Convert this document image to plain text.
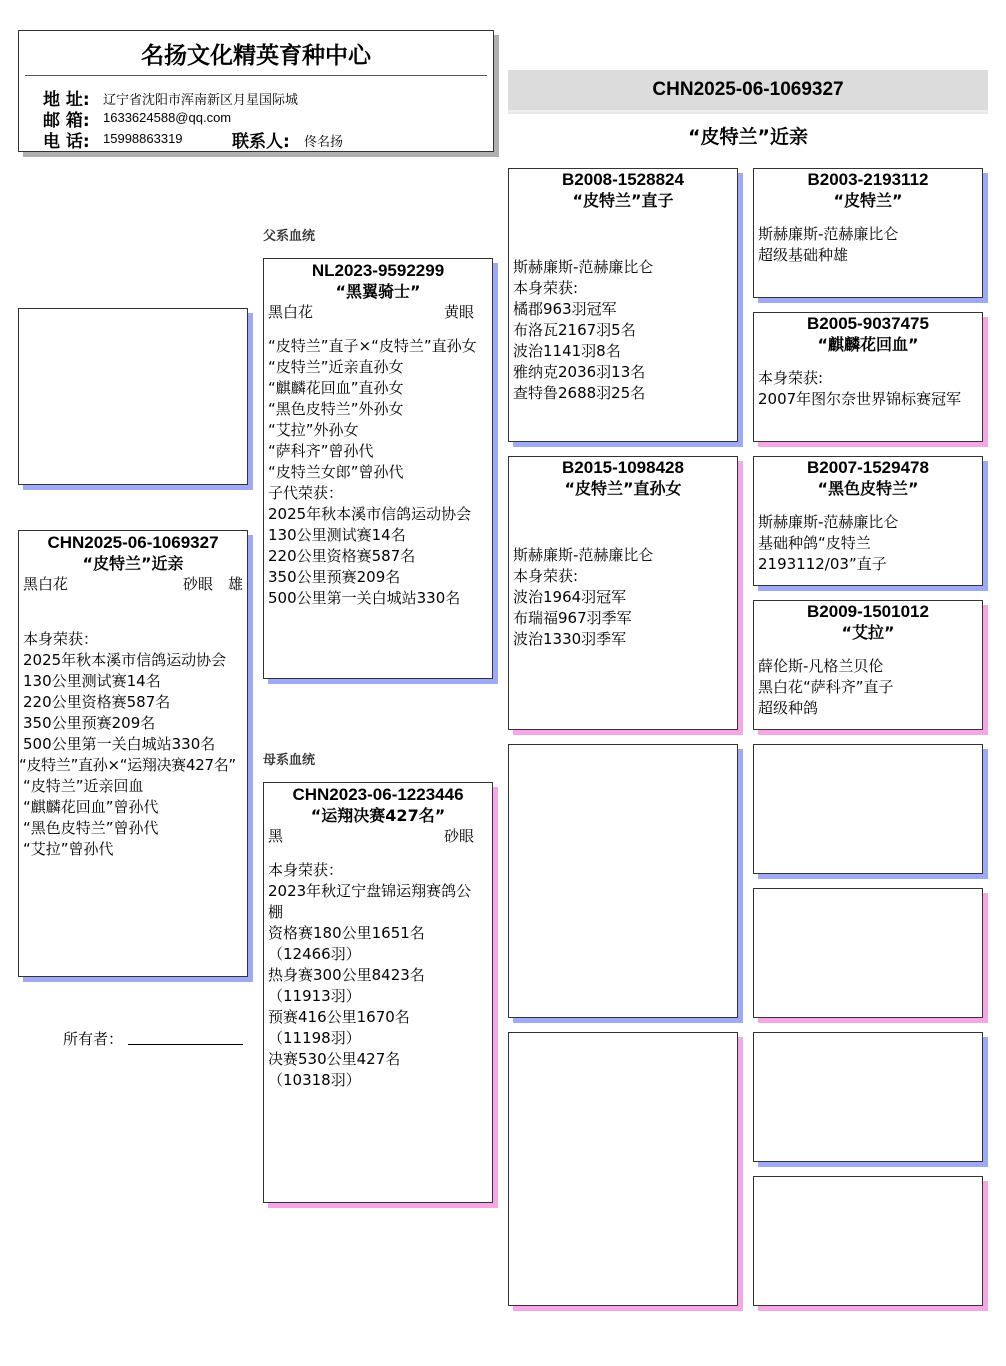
名扬文化精英育种中心
地 址: 辽宁省沈阳市浑南新区月星国际城
邮 箱: 1633624588@qq.com
电 话: 15998863319	联系人: 佟名扬
CHN2025-06-1069327
“皮特兰”近亲
CHN2025-06-1069327
“皮特兰”近亲
黑白花	砂眼　雄
本身荣获：
2025年秋本溪市信鸽运动协会
130公里测试赛14名
220公里资格赛587名
350公里预赛209名
500公里第一关白城站330名
“皮特兰”直孙×“运翔决赛427名”
“皮特兰”近亲回血
“麒麟花回血”曾孙代
“黑色皮特兰”曾孙代
“艾拉”曾孙代
所有者：
父系血统
母系血统
NL2023-9592299
“黑翼骑士”
黑白花	黄眼
“皮特兰”直子×“皮特兰”直孙女
“皮特兰”近亲直孙女
“麒麟花回血”直孙女
“黑色皮特兰”外孙女
“艾拉”外孙女
“萨科齐”曾孙代
“皮特兰女郎”曾孙代
子代荣获：
2025年秋本溪市信鸽运动协会
130公里测试赛14名
220公里资格赛587名
350公里预赛209名
500公里第一关白城站330名
CHN2023-06-1223446
“运翔决赛427名”
黑	砂眼
本身荣获：
2023年秋辽宁盘锦运翔赛鸽公
棚
资格赛180公里1651名
（12466羽）
热身赛300公里8423名
（11913羽）
预赛416公里1670名
（11198羽）
决赛530公里427名
（10318羽）
B2008-1528824
“皮特兰”直子
斯赫廉斯-范赫廉比仑
本身荣获:
橘郡963羽冠军
布洛瓦2167羽5名
波治1141羽8名
雅纳克2036羽13名
查特鲁2688羽25名
B2015-1098428
“皮特兰”直孙女
斯赫廉斯-范赫廉比仑
本身荣获:
波治1964羽冠军
布瑞福967羽季军
波治1330羽季军
B2003-2193112
“皮特兰”
斯赫廉斯-范赫廉比仑
超级基础种雄
B2005-9037475
“麒麟花回血”
本身荣获:
2007年图尔奈世界锦标赛冠军
B2007-1529478
“黑色皮特兰”
斯赫廉斯-范赫廉比仑
基础种鸽“皮特兰
2193112/03”直子
B2009-1501012
“艾拉”
薛伦斯-凡格兰贝伦
黑白花“萨科齐”直子
超级种鸽
